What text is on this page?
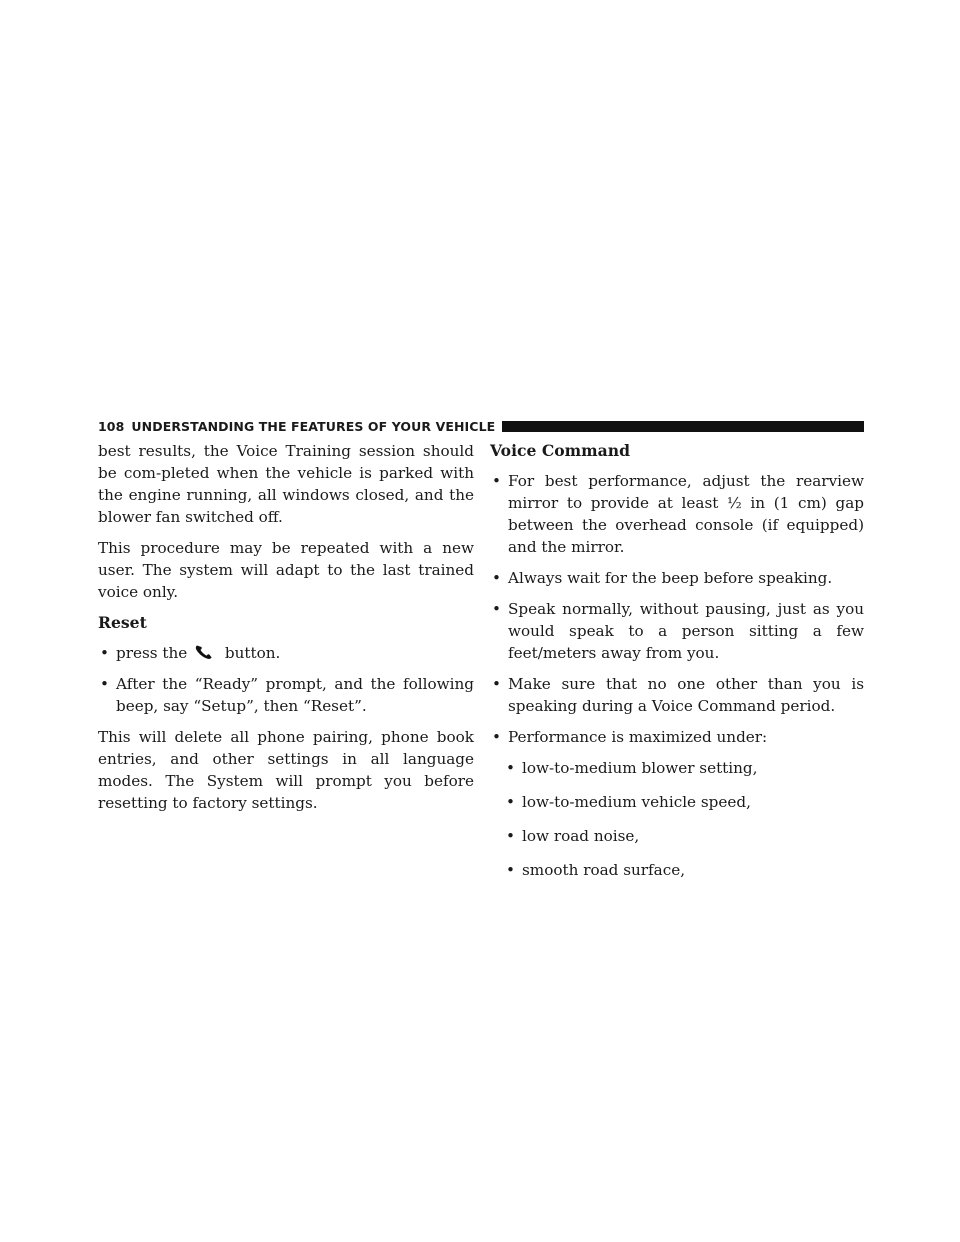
108 UNDERSTANDING THE FEATURES OF YOUR VEHICLE

best results, the Voice Training session should be com-pleted when the vehicle is parked with the engine running, all windows closed, and the blower fan switched off.

This procedure may be repeated with a new user. The system will adapt to the last trained voice only.

Reset
• press the button.
• After the “Ready” prompt, and the following beep, say “Setup”, then “Reset”.

This will delete all phone pairing, phone book entries, and other settings in all language modes. The System will prompt you before resetting to factory settings.

Voice Command
• For best performance, adjust the rearview mirror to provide at least ½ in (1 cm) gap between the overhead console (if equipped) and the mirror.
• Always wait for the beep before speaking.
• Speak normally, without pausing, just as you would speak to a person sitting a few feet/meters away from you.
• Make sure that no one other than you is speaking during a Voice Command period.
• Performance is maximized under:
• low-to-medium blower setting,
• low-to-medium vehicle speed,
• low road noise,
• smooth road surface,
